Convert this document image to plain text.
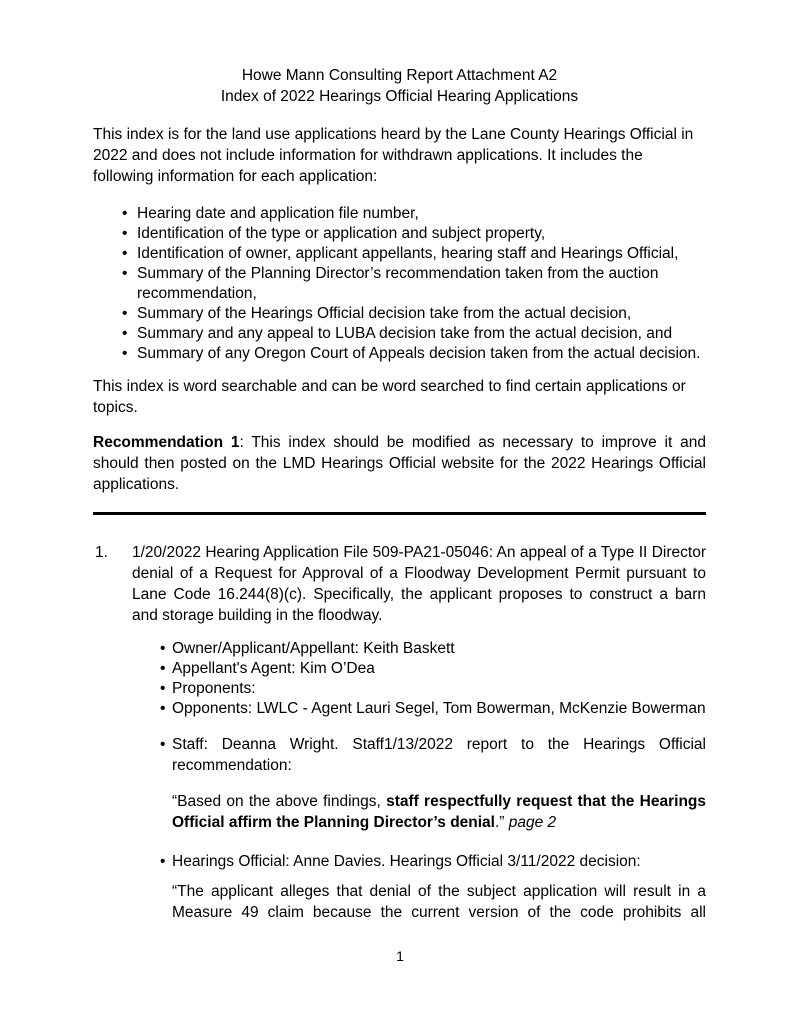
Howe Mann Consulting Report Attachment A2
Index of 2022 Hearings Official Hearing Applications

This index is for the land use applications heard by the Lane County Hearings Official in 2022 and does not include information for withdrawn applications. It includes the following information for each application:

• Hearing date and application file number,
• Identification of the type or application and subject property,
• Identification of owner, applicant appellants, hearing staff and Hearings Official,
• Summary of the Planning Director’s recommendation taken from the auction recommendation,
• Summary of the Hearings Official decision take from the actual decision,
• Summary and any appeal to LUBA decision take from the actual decision, and
• Summary of any Oregon Court of Appeals decision taken from the actual decision.

This index is word searchable and can be word searched to find certain applications or topics.

Recommendation 1: This index should be modified as necessary to improve it and should then posted on the LMD Hearings Official website for the 2022 Hearings Official applications.

1. 1/20/2022 Hearing Application File 509-PA21-05046: An appeal of a Type II Director denial of a Request for Approval of a Floodway Development Permit pursuant to Lane Code 16.244(8)(c). Specifically, the applicant proposes to construct a barn and storage building in the floodway.
• Owner/Applicant/Appellant: Keith Baskett
• Appellant's Agent: Kim O’Dea
• Proponents:
• Opponents: LWLC - Agent Lauri Segel, Tom Bowerman, McKenzie Bowerman
• Staff: Deanna Wright. Staff1/13/2022 report to the Hearings Official recommendation:

“Based on the above findings, staff respectfully request that the Hearings Official affirm the Planning Director’s denial.” page 2

• Hearings Official: Anne Davies. Hearings Official 3/11/2022 decision:

“The applicant alleges that denial of the subject application will result in a Measure 49 claim because the current version of the code prohibits all

1
